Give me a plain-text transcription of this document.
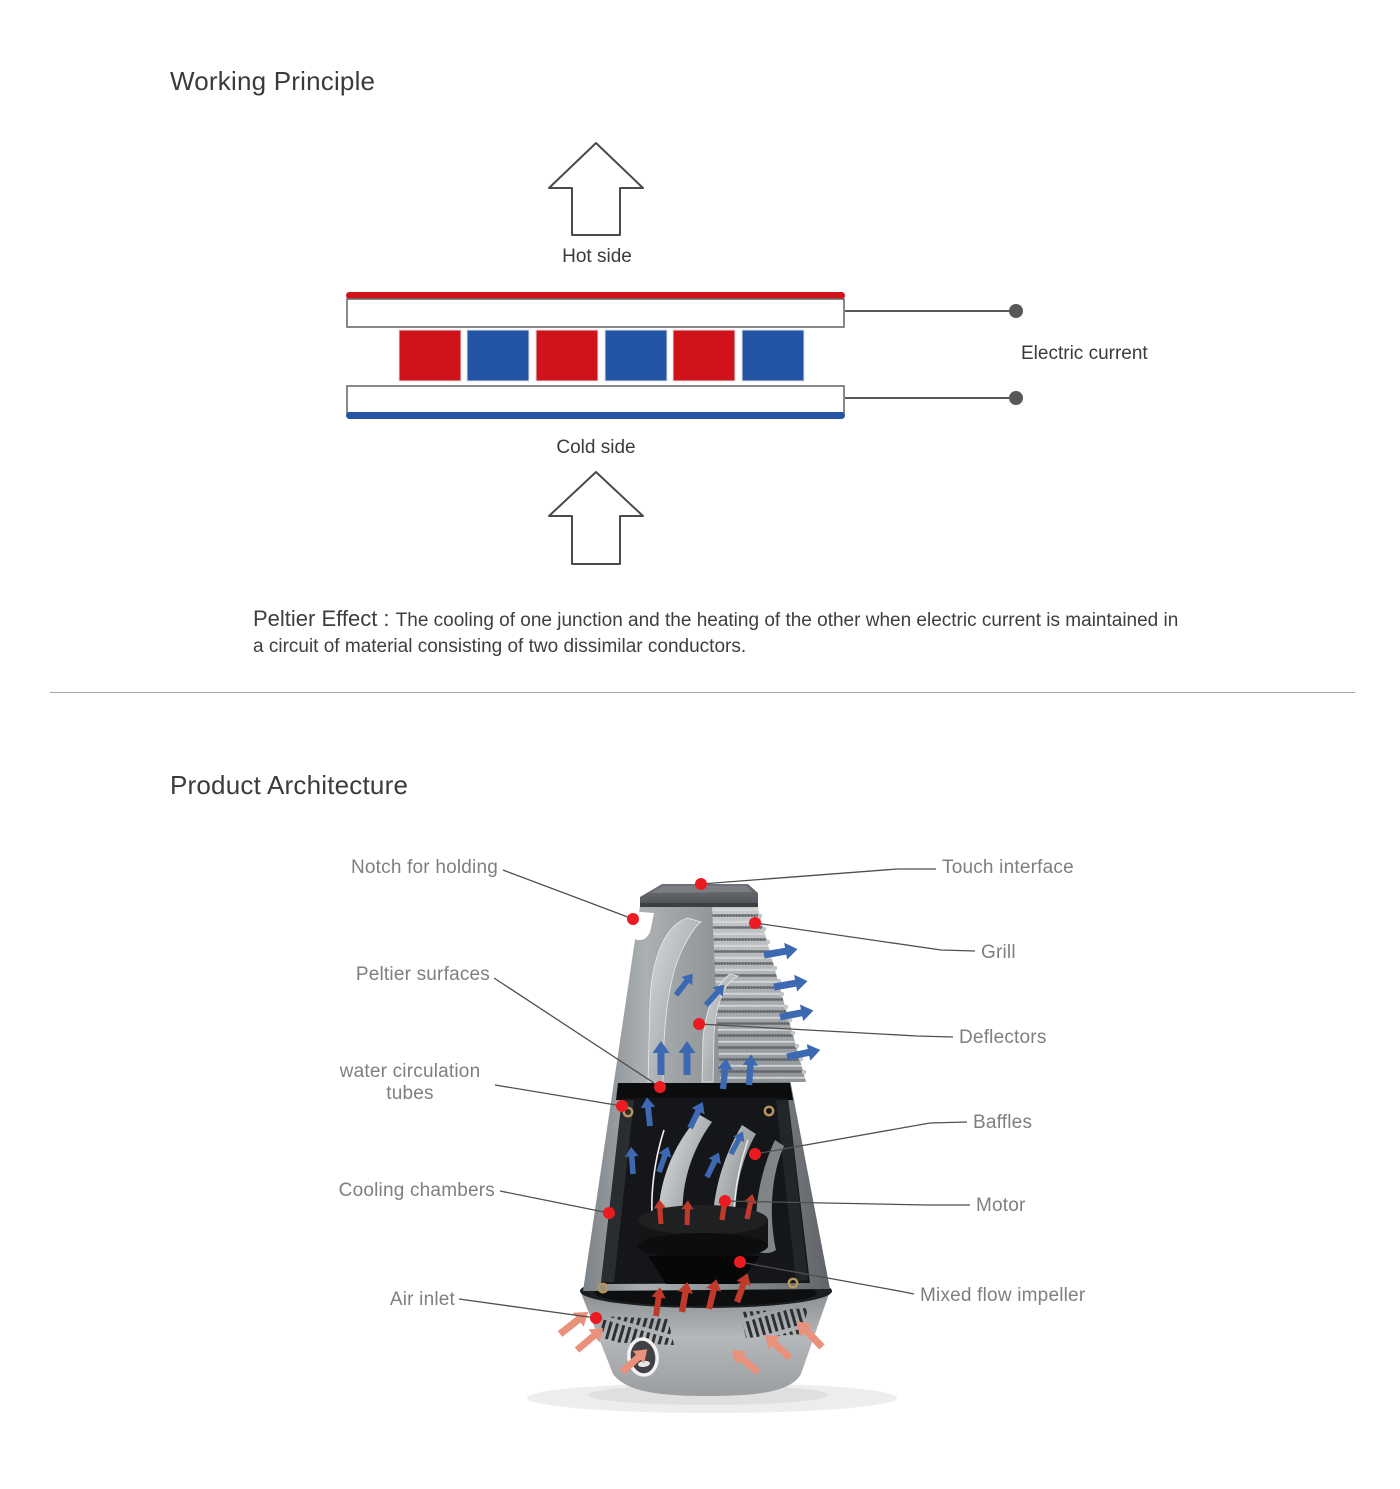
Working Principle
Hot side
Cold side
Electric current
Peltier Effect : The cooling of one junction and the heating of the other when electric current is maintained in a circuit of material consisting of two dissimilar conductors.
Product Architecture
Notch for holding
Peltier surfaces
water circulation tubes
Cooling chambers
Air inlet
Touch interface
Grill
Deflectors
Baffles
Motor
Mixed flow impeller
